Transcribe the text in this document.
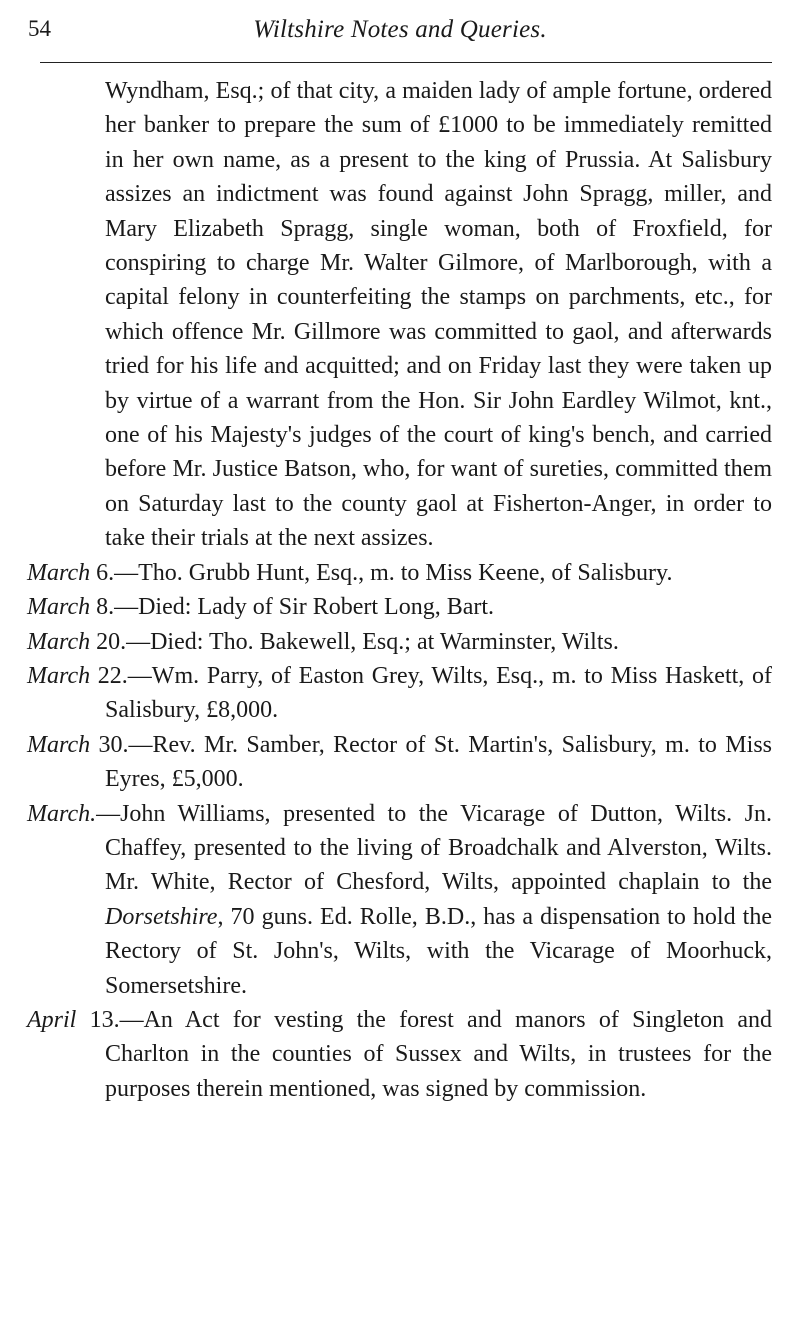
54	Wiltshire Notes and Queries.

Wyndham, Esq.; of that city, a maiden lady of ample fortune, ordered her banker to prepare the sum of £1000 to be immediately remitted in her own name, as a present to the king of Prussia. At Salisbury assizes an indictment was found against John Spragg, miller, and Mary Elizabeth Spragg, single woman, both of Froxfield, for conspiring to charge Mr. Walter Gilmore, of Marlborough, with a capital felony in counterfeiting the stamps on parchments, etc., for which offence Mr. Gillmore was committed to gaol, and afterwards tried for his life and acquitted; and on Friday last they were taken up by virtue of a warrant from the Hon. Sir John Eardley Wilmot, knt., one of his Majesty's judges of the court of king's bench, and carried before Mr. Justice Batson, who, for want of sureties, committed them on Saturday last to the county gaol at Fisherton-Anger, in order to take their trials at the next assizes.

March 6.—Tho. Grubb Hunt, Esq., m. to Miss Keene, of Salisbury.

March 8.—Died: Lady of Sir Robert Long, Bart.

March 20.—Died: Tho. Bakewell, Esq.; at Warminster, Wilts.

March 22.—Wm. Parry, of Easton Grey, Wilts, Esq., m. to Miss Haskett, of Salisbury, £8,000.

March 30.—Rev. Mr. Samber, Rector of St. Martin's, Salisbury, m. to Miss Eyres, £5,000.

March.—John Williams, presented to the Vicarage of Dutton, Wilts. Jn. Chaffey, presented to the living of Broadchalk and Alverston, Wilts. Mr. White, Rector of Chesford, Wilts, appointed chaplain to the Dorsetshire, 70 guns. Ed. Rolle, B.D., has a dispensation to hold the Rectory of St. John's, Wilts, with the Vicarage of Moorhuck, Somersetshire.

April 13.—An Act for vesting the forest and manors of Singleton and Charlton in the counties of Sussex and Wilts, in trustees for the purposes therein mentioned, was signed by commission.
